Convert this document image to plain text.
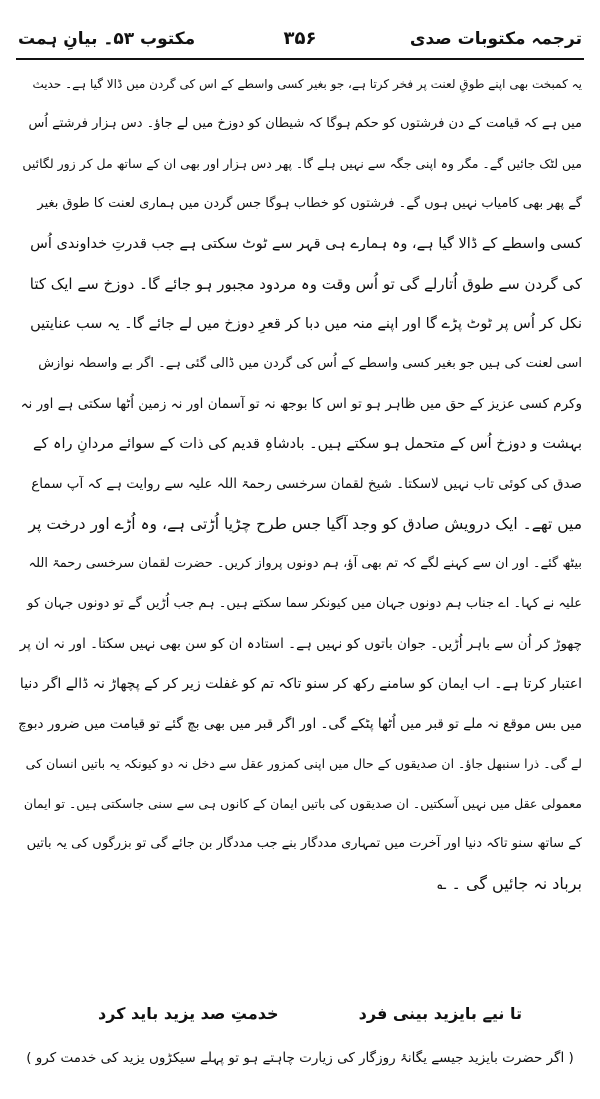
ترجمہ مکتوبات صدی
۳۵۶
مکتوب ۵۳۔ بیانِ ہمت
یہ کمبخت بھی اپنے طوقِ لعنت پر فخر کرتا ہے، جو بغیر کسی واسطے کے اس کی گردن میں ڈالا گیا ہے۔ حدیث
میں ہے کہ قیامت کے دن فرشتوں کو حکم ہوگا کہ شیطان کو دوزخ میں لے جاؤ۔ دس ہزار فرشتے اُس
میں لٹک جائیں گے۔ مگر وہ اپنی جگہ سے نہیں ہلے گا۔ پھر دس ہزار اور بھی ان کے ساتھ مل کر زور لگائیں
گے پھر بھی کامیاب نہیں ہوں گے۔ فرشتوں کو خطاب ہوگا جس گردن میں ہماری لعنت کا طوق بغیر
کسی واسطے کے ڈالا گیا ہے، وہ ہمارے ہی قہر سے ٹوٹ سکتی ہے جب قدرتِ خداوندی اُس
کی گردن سے طوق اُتارلے گی تو اُس وقت وہ مردود مجبور ہو جائے گا۔ دوزخ سے ایک کتا
نکل کر اُس پر ٹوٹ پڑے گا اور اپنے منہ میں دبا کر قعرِ دوزخ میں لے جائے گا۔ یہ سب عنایتیں
اسی لعنت کی ہیں جو بغیر کسی واسطے کے اُس کی گردن میں ڈالی گئی ہے۔ اگر بے واسطہ نوازش
وکرم کسی عزیز کے حق میں ظاہر ہو تو اس کا بوجھ نہ تو آسمان اور نہ زمین اُٹھا سکتی ہے اور نہ
بہشت و دوزخ اُس کے متحمل ہو سکتے ہیں۔ بادشاہِ قدیم کی ذات کے سوائے مردانِ راہ کے
صدق کی کوئی تاب نہیں لاسکتا۔ شیخ لقمان سرخسی رحمۃ اللہ علیہ سے روایت ہے کہ آپ سماع
میں تھے۔ ایک درویش صادق کو وجد آگیا جس طرح چڑیا اُڑتی ہے، وہ اُڑے اور درخت پر
بیٹھ گئے۔ اور ان سے کہنے لگے کہ تم بھی آؤ، ہم دونوں پرواز کریں۔ حضرت لقمان سرخسی رحمۃ اللہ
علیہ نے کہا۔ اے جناب ہم دونوں جہان میں کیونکر سما سکتے ہیں۔ ہم جب اُڑیں گے تو دونوں جہان کو
چھوڑ کر اُن سے باہر اُڑیں۔ جوان باتوں کو نہیں ہے۔ استادہ ان کو سن بھی نہیں سکتا۔ اور نہ ان پر
اعتبار کرتا ہے۔ اب ایمان کو سامنے رکھ کر سنو تاکہ تم کو غفلت زیر کر کے پچھاڑ نہ ڈالے اگر دنیا
میں بس موقع نہ ملے تو قبر میں اُٹھا پٹکے گی۔ اور اگر قبر میں بھی بچ گئے تو قیامت میں ضرور دبوچ
لے گی۔ ذرا سنبھل جاؤ۔ ان صدیقوں کے حال میں اپنی کمزور عقل سے دخل نہ دو کیونکہ یہ باتیں انسان کی
معمولی عقل میں نہیں آسکتیں۔ ان صدیقوں کی باتیں ایمان کے کانوں ہی سے سنی جاسکتی ہیں۔ تو ایمان
کے ساتھ سنو تاکہ دنیا اور آخرت میں تمہاری مددگار بنے جب مددگار بن جائے گی تو بزرگوں کی یہ باتیں
برباد نہ جائیں گی ۔ ؎
تا نیے بایزید بینی فرد
خدمتِ صد یزید باید کرد
( اگر حضرت بایزید جیسے یگانۂ روزگار کی زیارت چاہتے ہو تو پہلے سیکڑوں یزید کی خدمت کرو )
